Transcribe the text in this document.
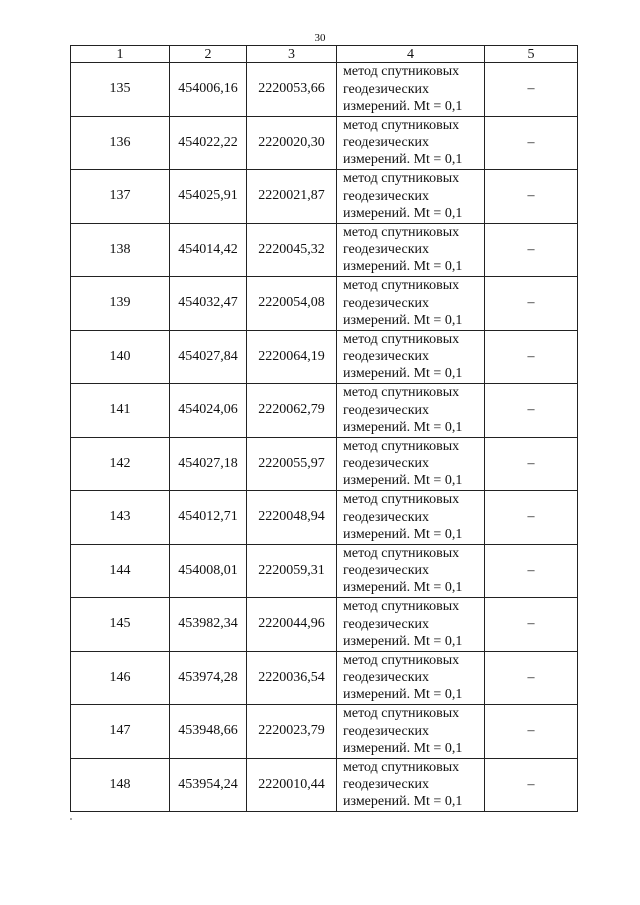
30
1	2	3	4	5
135	454006,16	2220053,66	метод спутниковых
геодезических
измерений. Mt = 0,1	–
136	454022,22	2220020,30	метод спутниковых
геодезических
измерений. Mt = 0,1	–
137	454025,91	2220021,87	метод спутниковых
геодезических
измерений. Mt = 0,1	–
138	454014,42	2220045,32	метод спутниковых
геодезических
измерений. Mt = 0,1	–
139	454032,47	2220054,08	метод спутниковых
геодезических
измерений. Mt = 0,1	–
140	454027,84	2220064,19	метод спутниковых
геодезических
измерений. Mt = 0,1	–
141	454024,06	2220062,79	метод спутниковых
геодезических
измерений. Mt = 0,1	–
142	454027,18	2220055,97	метод спутниковых
геодезических
измерений. Mt = 0,1	–
143	454012,71	2220048,94	метод спутниковых
геодезических
измерений. Mt = 0,1	–
144	454008,01	2220059,31	метод спутниковых
геодезических
измерений. Mt = 0,1	–
145	453982,34	2220044,96	метод спутниковых
геодезических
измерений. Mt = 0,1	–
146	453974,28	2220036,54	метод спутниковых
геодезических
измерений. Mt = 0,1	–
147	453948,66	2220023,79	метод спутниковых
геодезических
измерений. Mt = 0,1	–
148	453954,24	2220010,44	метод спутниковых
геодезических
измерений. Mt = 0,1	–
